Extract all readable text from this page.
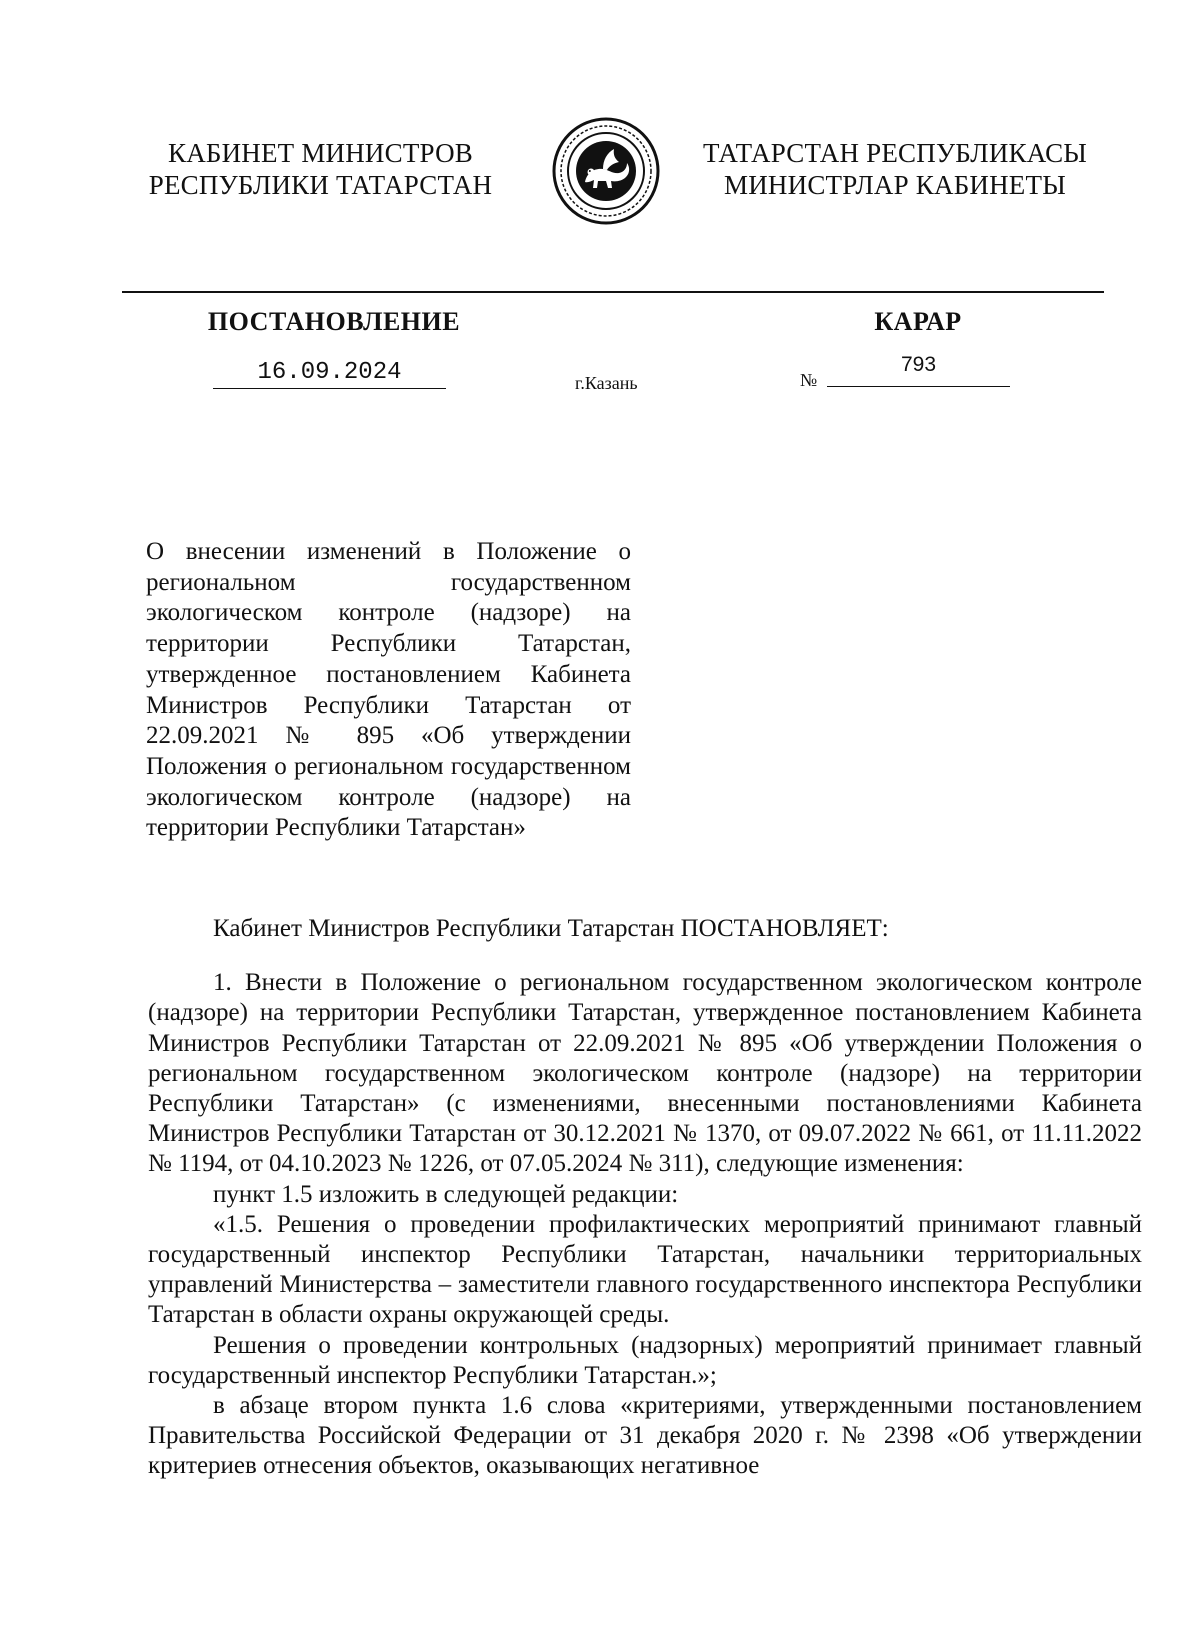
КАБИНЕТ МИНИСТРОВ
РЕСПУБЛИКИ ТАТАРСТАН
ТАТАРСТАН РЕСПУБЛИКАСЫ
МИНИСТРЛАР КАБИНЕТЫ
ПОСТАНОВЛЕНИЕ	КАРАР
16.09.2024	г.Казань	№
793

О внесении изменений в Положение о региональном государственном экологическом контроле (надзоре) на территории Республики Татарстан, утвержденное постановлением Кабинета Министров Республики Татарстан от 22.09.2021 № 895 «Об утверждении Положения о региональном государственном экологическом контроле (надзоре) на территории Республики Татарстан»

Кабинет Министров Республики Татарстан ПОСТАНОВЛЯЕТ:

1. Внести в Положение о региональном государственном экологическом контроле (надзоре) на территории Республики Татарстан, утвержденное постановлением Кабинета Министров Республики Татарстан от 22.09.2021 № 895 «Об утверждении Положения о региональном государственном экологическом контроле (надзоре) на территории Республики Татарстан» (с изменениями, внесенными постановлениями Кабинета Министров Республики Татарстан от 30.12.2021 № 1370, от 09.07.2022 № 661, от 11.11.2022 № 1194, от 04.10.2023 № 1226, от 07.05.2024 № 311), следующие изменения:

пункт 1.5 изложить в следующей редакции:

«1.5. Решения о проведении профилактических мероприятий принимают главный государственный инспектор Республики Татарстан, начальники территориальных управлений Министерства – заместители главного государственного инспектора Республики Татарстан в области охраны окружающей среды.

Решения о проведении контрольных (надзорных) мероприятий принимает главный государственный инспектор Республики Татарстан.»;

в абзаце втором пункта 1.6 слова «критериями, утвержденными постановлением Правительства Российской Федерации от 31 декабря 2020 г. № 2398 «Об утверждении критериев отнесения объектов, оказывающих негативное
